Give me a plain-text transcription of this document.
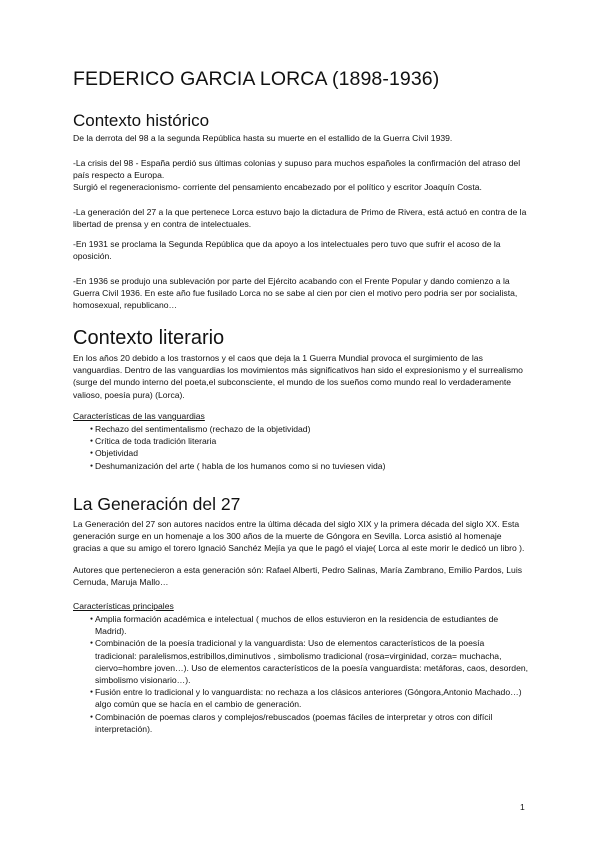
FEDERICO GARCIA LORCA (1898-1936)
Contexto histórico

De la derrota del 98 a la segunda República hasta su muerte en el estallido de la Guerra Civil 1939.

-La crisis del 98 - España perdió sus últimas colonias y supuso para muchos españoles la confirmación del atraso del país respecto a Europa.

Surgió el regeneracionismo- corriente del pensamiento encabezado por el político y escritor Joaquín Costa.

-La generación del 27 a la que pertenece Lorca estuvo bajo la dictadura de Primo de Rivera, está actuó en contra de la libertad de prensa y en contra de intelectuales.

-En 1931 se proclama la Segunda República que da apoyo a los intelectuales pero tuvo que sufrir el acoso de la oposición.

-En 1936 se produjo una sublevación por parte del Ejército acabando con el Frente Popular y dando comienzo a la Guerra Civil 1936. En este año fue fusilado Lorca no se sabe al cien por cien el motivo pero podria ser por socialista, homosexual, republicano…

Contexto literario

En los años 20 debido a los trastornos y el caos que deja la 1 Guerra Mundial provoca el surgimiento de las vanguardias. Dentro de las vanguardias los movimientos más significativos han sido el expresionismo y el surrealismo (surge del mundo interno del poeta,el subconsciente, el mundo de los sueños como mundo real lo verdaderamente valioso, poesía pura) (Lorca).

Características de las vanguardias
● Rechazo del sentimentalismo (rechazo de la objetividad)
● Crítica de toda tradición literaria
● Objetividad
● Deshumanización del arte ( habla de los humanos como si no tuviesen vida)
La Generación del 27

La Generación del 27 son autores nacidos entre la última década del siglo XIX y la primera década del siglo XX. Esta generación surge en un homenaje a los 300 años de la muerte de Góngora en Sevilla. Lorca asistió al homenaje gracias a que su amigo el torero Ignació Sanchéz Mejía ya que le pagó el viaje( Lorca al este morir le dedicó un libro ).

Autores que pertenecieron a esta generación són: Rafael Alberti, Pedro Salinas, María Zambrano, Emilio Pardos, Luis Cernuda, Maruja Mallo…

Características principales
● Amplia formación académica e intelectual ( muchos de ellos estuvieron en la residencia de estudiantes de Madrid).
● Combinación de la poesía tradicional y la vanguardista: Uso de elementos característicos de la poesía tradicional: paralelismos,estribillos,diminutivos , simbolismo tradicional (rosa=virginidad, corza= muchacha, ciervo=hombre joven…). Uso de elementos característicos de la poesía vanguardista: metáforas, caos, desorden, simbolismo visionario…).
● Fusión entre lo tradicional y lo vanguardista: no rechaza a los clásicos anteriores (Góngora,Antonio Machado…) algo común que se hacía en el cambio de generación.
● Combinación de poemas claros y complejos/rebuscados (poemas fáciles de interpretar y otros con difícil interpretación).
1
